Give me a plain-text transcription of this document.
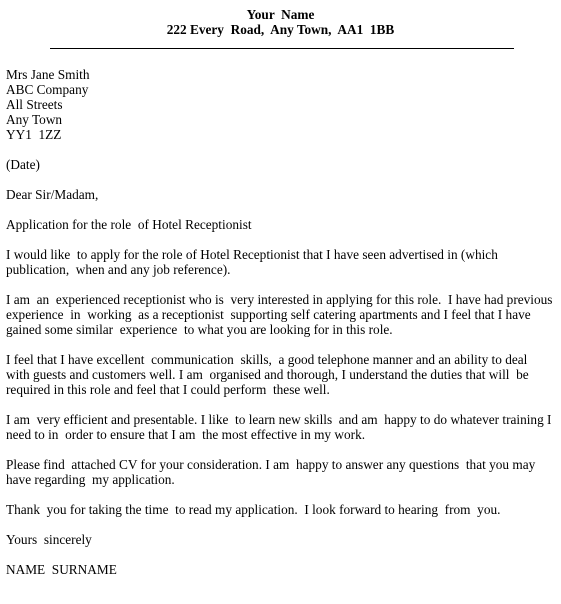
Your  Name
222 Every  Road,  Any Town,  AA1  1BB
Mrs Jane Smith
ABC Company
All Streets
Any Town
YY1  1ZZ

(Date)

Dear Sir/Madam,

Application for the role  of Hotel Receptionist

I would like  to apply for the role of Hotel Receptionist that I have seen advertised in (which publication,  when and any job reference).

I am  an  experienced receptionist who is  very interested in applying for this role.  I have had previous experience  in  working  as a receptionist  supporting self catering apartments and I feel that I have gained some similar  experience  to what you are looking for in this role.

I feel that I have excellent  communication  skills,  a good telephone manner and an ability to deal with guests and customers well. I am  organised and thorough, I understand the duties that will  be required in this role and feel that I could perform  these well.

I am  very efficient and presentable. I like  to learn new skills  and am  happy to do whatever training I need to in  order to ensure that I am  the most effective in my work.

Please find  attached CV for your consideration. I am  happy to answer any questions  that you may have regarding  my application.

Thank  you for taking the time  to read my application.  I look forward to hearing  from  you.

Yours  sincerely

NAME  SURNAME
